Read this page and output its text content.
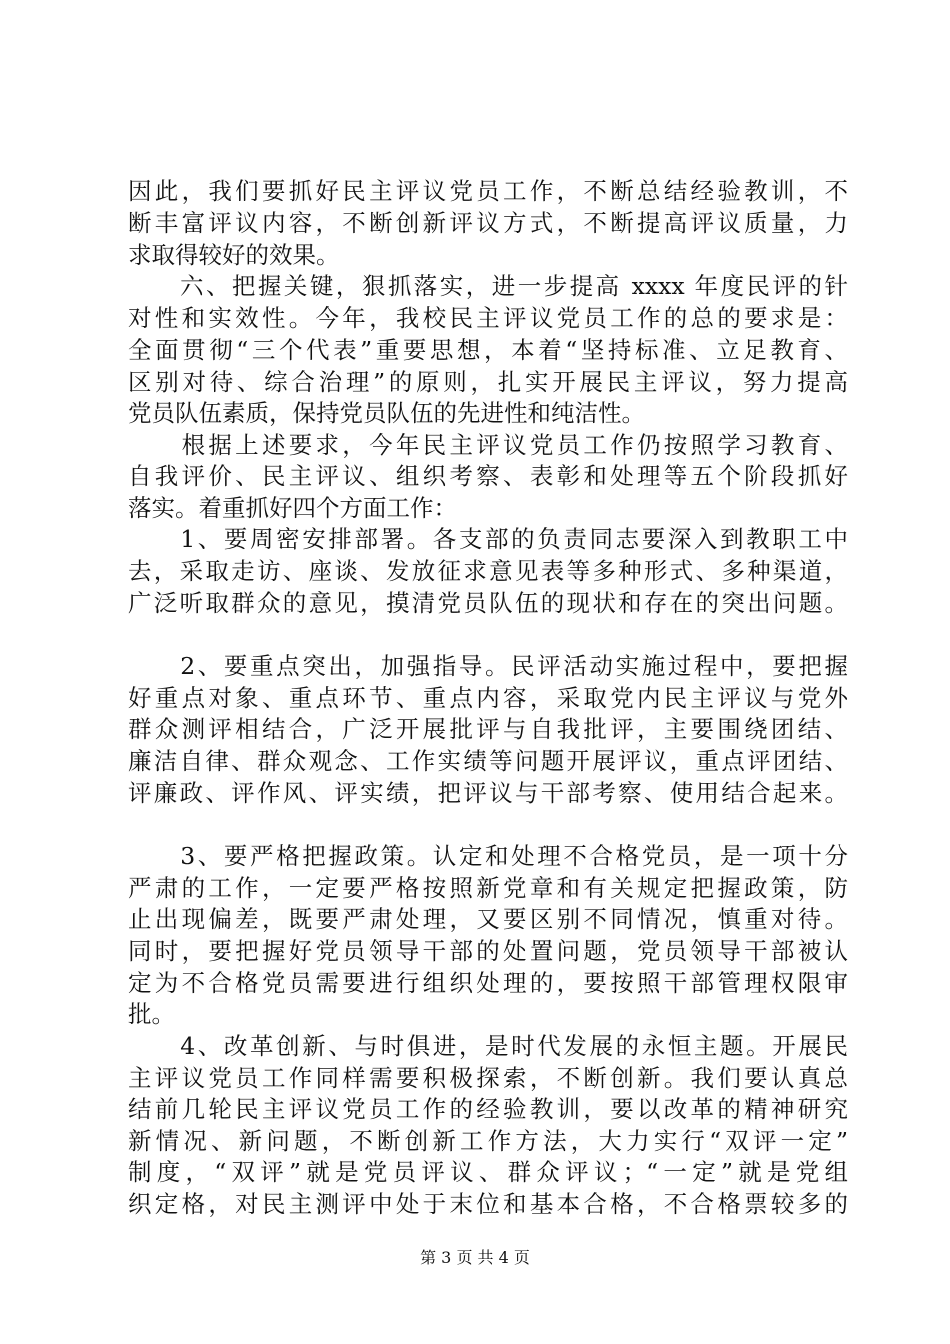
因此，我们要抓好民主评议党员工作，不断总结经验教训，不
断丰富评议内容，不断创新评议方式，不断提高评议质量，力
求取得较好的效果。
　　六、把握关键，狠抓落实，进一步提高 xxxx 年度民评的针
对性和实效性。今年，我校民主评议党员工作的总的要求是：
全面贯彻“三个代表”重要思想，本着“坚持标准、立足教育、
区别对待、综合治理”的原则，扎实开展民主评议，努力提高
党员队伍素质，保持党员队伍的先进性和纯洁性。
　　根据上述要求，今年民主评议党员工作仍按照学习教育、
自我评价、民主评议、组织考察、表彰和处理等五个阶段抓好
落实。着重抓好四个方面工作：
　　1、要周密安排部署。各支部的负责同志要深入到教职工中
去，采取走访、座谈、发放征求意见表等多种形式、多种渠道，
广泛听取群众的意见，摸清党员队伍的现状和存在的突出问题。
　　2、要重点突出，加强指导。民评活动实施过程中，要把握
好重点对象、重点环节、重点内容，采取党内民主评议与党外
群众测评相结合，广泛开展批评与自我批评，主要围绕团结、
廉洁自律、群众观念、工作实绩等问题开展评议，重点评团结、
评廉政、评作风、评实绩，把评议与干部考察、使用结合起来。
　　3、要严格把握政策。认定和处理不合格党员，是一项十分
严肃的工作，一定要严格按照新党章和有关规定把握政策，防
止出现偏差，既要严肃处理，又要区别不同情况，慎重对待。
同时，要把握好党员领导干部的处置问题，党员领导干部被认
定为不合格党员需要进行组织处理的，要按照干部管理权限审
批。
　　4、改革创新、与时俱进，是时代发展的永恒主题。开展民
主评议党员工作同样需要积极探索，不断创新。我们要认真总
结前几轮民主评议党员工作的经验教训，要以改革的精神研究
新情况、新问题，不断创新工作方法，大力实行“双评一定”
制度，“双评”就是党员评议、群众评议；“一定”就是党组
织定格，对民主测评中处于末位和基本合格，不合格票较多的
第 3 页 共 4 页
